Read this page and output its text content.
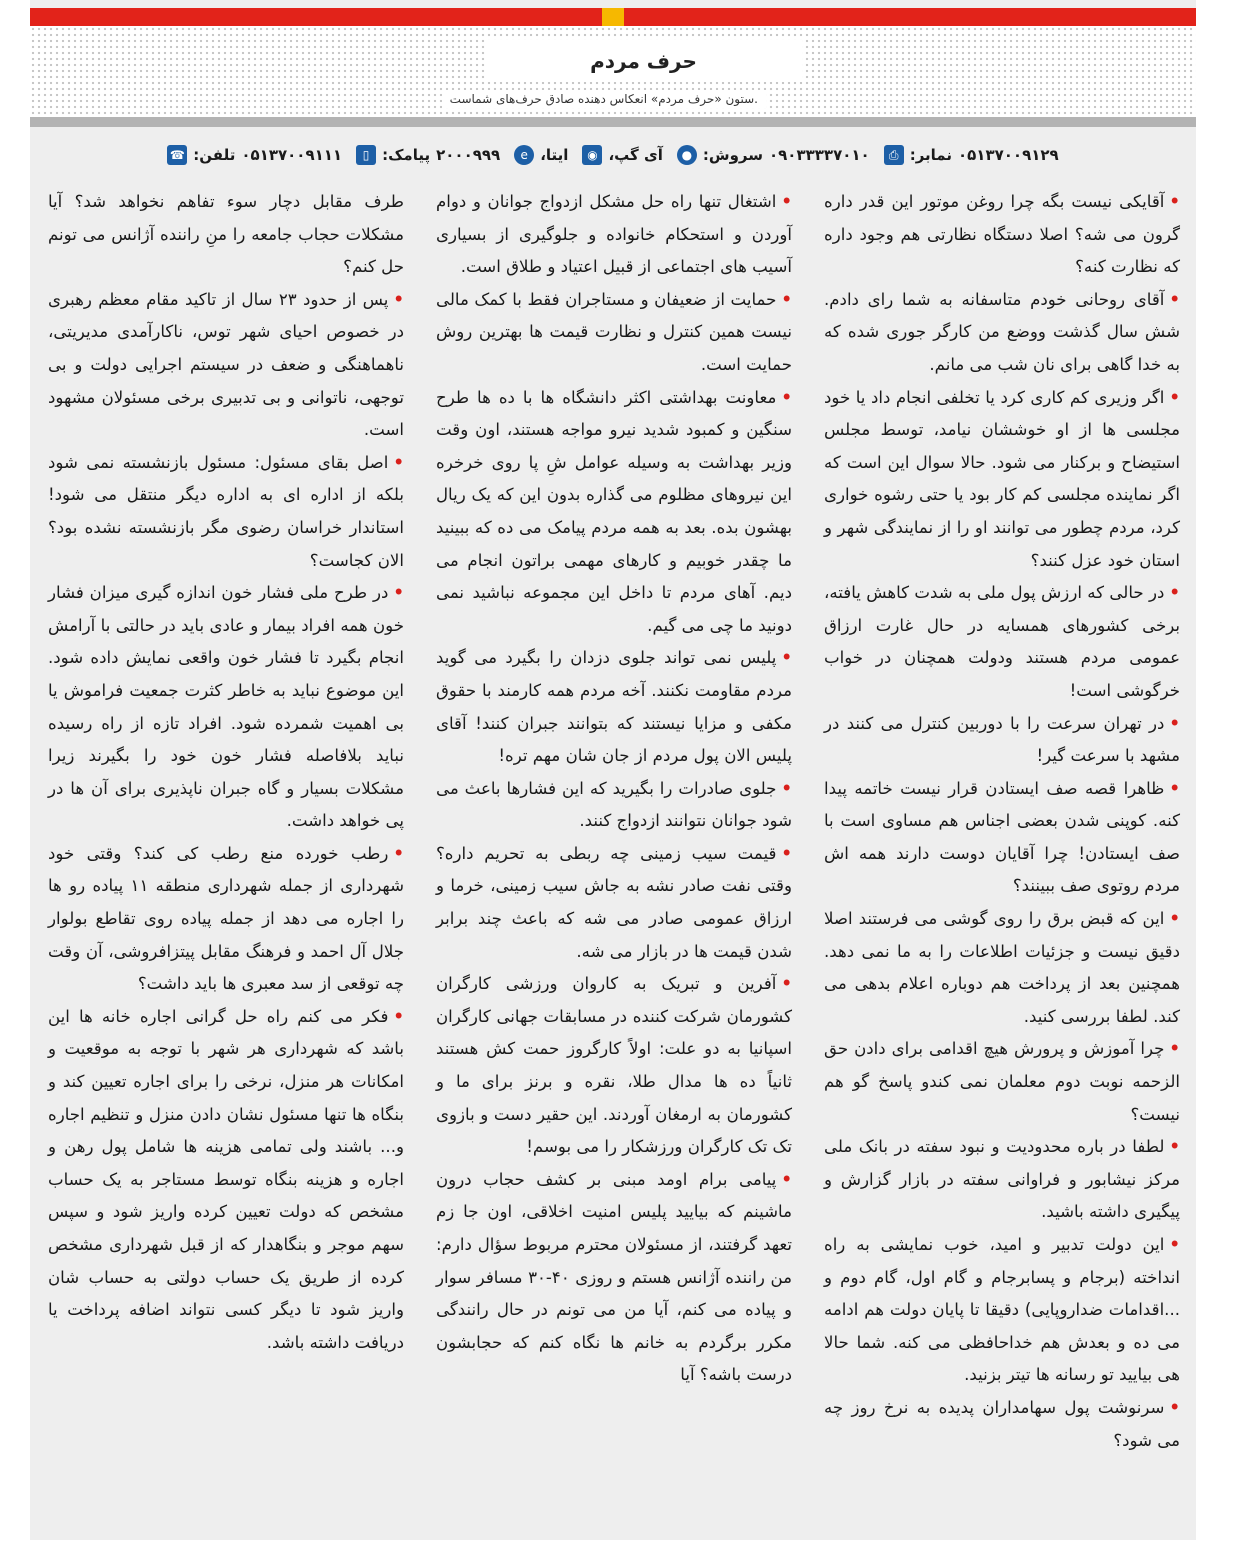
حرف مردم
ستون «حرف مردم» انعکاس دهنده صادق حرف‌های شماست.
☎ تلفن: ۰۵۱۳۷۰۰۹۱۱۱	▯ پیامک: ۲۰۰۰۹۹۹	e ایتا،	◉ آی گپ،	● سروش: ۰۹۰۳۳۳۳۷۰۱۰	⎙ نمابر: ۰۵۱۳۷۰۰۹۱۲۹

•آقایکی نیست بگه چرا روغن موتور این قدر داره گرون می شه؟ اصلا دستگاه نظارتی هم وجود داره که نظارت کنه؟

•آقای روحانی خودم متاسفانه به شما رای دادم. شش سال گذشت ووضع من کارگر جوری شده که به خدا گاهی برای نان شب می مانم.

•اگر وزیری کم کاری کرد یا تخلفی انجام داد یا خود مجلسی ها از او خوششان نیامد، توسط مجلس استیضاح و برکنار می شود. حالا سوال این است که اگر نماینده مجلسی کم کار بود یا حتی رشوه خواری کرد، مردم چطور می توانند او را از نمایندگی شهر و استان خود عزل کنند؟

•در حالی که ارزش پول ملی به شدت کاهش یافته، برخی کشورهای همسایه در حال غارت ارزاق عمومی مردم هستند ودولت همچنان در خواب خرگوشی است!

•در تهران سرعت را با دوربین کنترل می کنند در مشهد با سرعت گیر!

•ظاهرا قصه صف ایستادن قرار نیست خاتمه پیدا کنه. کوپنی شدن بعضی اجناس هم مساوی است با صف ایستادن! چرا آقایان دوست دارند همه اش مردم روتوی صف ببینند؟

•این که قبض برق را روی گوشی می فرستند اصلا دقیق نیست و جزئیات اطلاعات را به ما نمی دهد. همچنین بعد از پرداخت هم دوباره اعلام بدهی می کند. لطفا بررسی کنید.

•چرا آموزش و پرورش هیچ اقدامی برای دادن حق الزحمه نوبت دوم معلمان نمی کندو پاسخ گو هم نیست؟

•لطفا در باره محدودیت و نبود سفته در بانک ملی مرکز نیشابور و فراوانی سفته در بازار گزارش و پیگیری داشته باشید.

•این دولت تدبیر و امید، خوب نمایشی به راه انداخته (برجام و پسابرجام و گام اول، گام دوم و ...اقدامات ضداروپایی) دقیقا تا پایان دولت هم ادامه می ده و بعدش هم خداحافظی می کنه. شما حالا هی بیایید تو رسانه ها تیتر بزنید.

•سرنوشت پول سهامداران پدیده به نرخ روز چه می شود؟

•اشتغال تنها راه حل مشکل ازدواج جوانان و دوام آوردن و استحکام خانواده و جلوگیری از بسیاری آسیب های اجتماعی از قبیل اعتیاد و طلاق است.

•حمایت از ضعیفان و مستاجران فقط با کمک مالی نیست همین کنترل و نظارت قیمت ها بهترین روش حمایت است.

•معاونت بهداشتی اکثر دانشگاه ها با ده ها طرح سنگین و کمبود شدید نیرو مواجه هستند، اون وقت وزیر بهداشت به وسیله عوامل شِ پا روی خرخره این نیروهای مظلوم می گذاره بدون این که یک ریال بهشون بده. بعد به همه مردم پیامک می ده که ببینید ما چقدر خوبیم و کارهای مهمی براتون انجام می دیم. آهای مردم تا داخل این مجموعه نباشید نمی دونید ما چی می گیم.

•پلیس نمی تواند جلوی دزدان را بگیرد می گوید مردم مقاومت نکنند. آخه مردم همه کارمند با حقوق مکفی و مزایا نیستند که بتوانند جبران کنند! آقای پلیس الان پول مردم از جان شان مهم تره!

•جلوی صادرات را بگیرید که این فشارها باعث می شود جوانان نتوانند ازدواج کنند.

•قیمت سیب زمینی چه ربطی به تحریم داره؟ وقتی نفت صادر نشه به جاش سیب زمینی، خرما و ارزاق عمومی صادر می شه که باعث چند برابر شدن قیمت ها در بازار می شه.

•آفرین و تبریک به کاروان ورزشی کارگران کشورمان شرکت کننده در مسابقات جهانی کارگران اسپانیا به دو علت: اولاً کارگروز حمت کش هستند ثانیاً ده ها مدال طلا، نقره و برنز برای ما و کشورمان به ارمغان آوردند. این حقیر دست و بازوی تک تک کارگران ورزشکار را می بوسم!

•پیامی برام اومد مبنی بر کشف حجاب درون ماشینم که بیایید پلیس امنیت اخلاقی، اون جا زم تعهد گرفتند، از مسئولان محترم مربوط سؤال دارم: من راننده آژانس هستم و روزی ۴۰-۳۰ مسافر سوار و پیاده می کنم، آیا من می تونم در حال رانندگی مکرر برگردم به خانم ها نگاه کنم که حجابشون درست باشه؟ آیا

طرف مقابل دچار سوء تفاهم نخواهد شد؟ آیا مشکلات حجاب جامعه را منِ راننده آژانس می تونم حل کنم؟

•پس از حدود ۲۳ سال از تاکید مقام معظم رهبری در خصوص احیای شهر توس، ناکارآمدی مدیریتی، ناهماهنگی و ضعف در سیستم اجرایی دولت و بی توجهی، ناتوانی و بی تدبیری برخی مسئولان مشهود است.

•اصل بقای مسئول: مسئول بازنشسته نمی شود بلکه از اداره ای به اداره دیگر منتقل می شود! استاندار خراسان رضوی مگر بازنشسته نشده بود؟ الان کجاست؟

•در طرح ملی فشار خون اندازه گیری میزان فشار خون همه افراد بیمار و عادی باید در حالتی با آرامش انجام بگیرد تا فشار خون واقعی نمایش داده شود. این موضوع نباید به خاطر کثرت جمعیت فراموش یا بی اهمیت شمرده شود. افراد تازه از راه رسیده نباید بلافاصله فشار خون خود را بگیرند زیرا مشکلات بسیار و گاه جبران ناپذیری برای آن ها در پی خواهد داشت.

•رطب خورده منع رطب کی کند؟ وقتی خود شهرداری از جمله شهرداری منطقه ۱۱ پیاده رو ها را اجاره می دهد از جمله پیاده روی تقاطع بولوار جلال آل احمد و فرهنگ مقابل پیتزافروشی، آن وقت چه توقعی از سد معبری ها باید داشت؟

•فکر می کنم راه حل گرانی اجاره خانه ها این باشد که شهرداری هر شهر با توجه به موقعیت و امکانات هر منزل، نرخی را برای اجاره تعیین کند و بنگاه ها تنها مسئول نشان دادن منزل و تنظیم اجاره و... باشند ولی تمامی هزینه ها شامل پول رهن و اجاره و هزینه بنگاه توسط مستاجر به یک حساب مشخص که دولت تعیین کرده واریز شود و سپس سهم موجر و بنگاهدار که از قبل شهرداری مشخص کرده از طریق یک حساب دولتی به حساب شان واریز شود تا دیگر کسی نتواند اضافه پرداخت یا دریافت داشته باشد.
